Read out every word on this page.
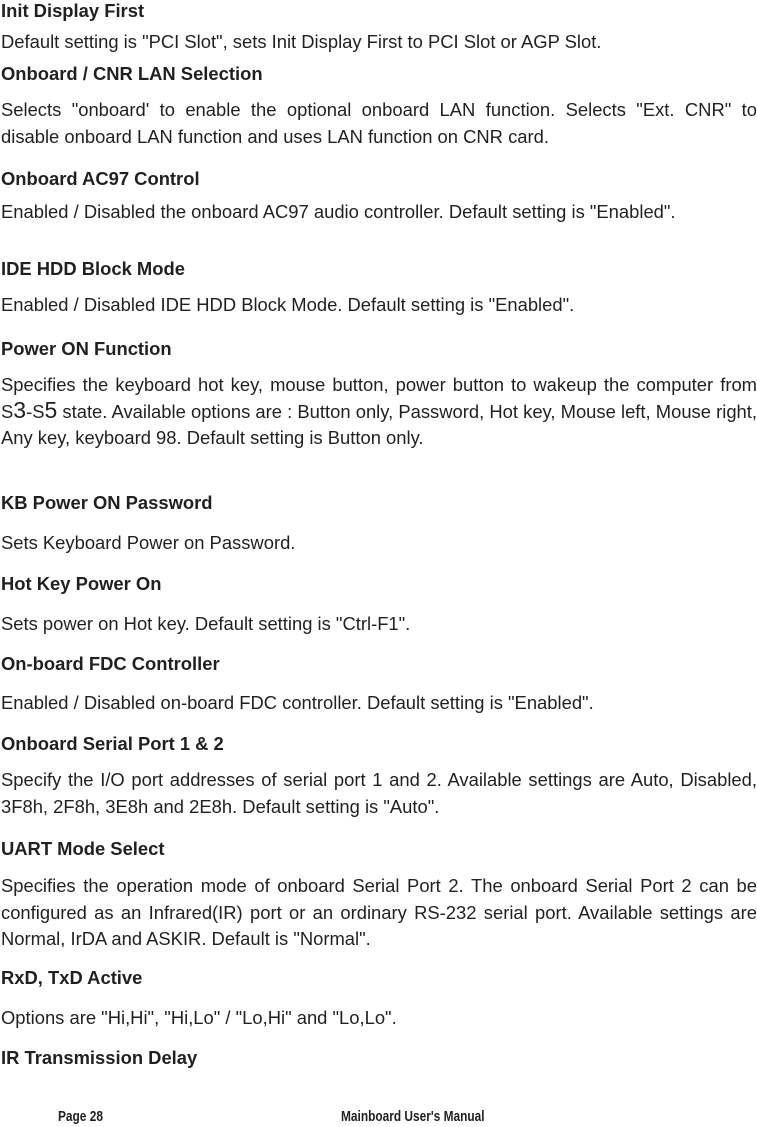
Init Display First
Default setting is "PCI Slot", sets Init Display First to PCI Slot or AGP Slot.
Onboard / CNR LAN Selection
Selects "onboard' to enable the optional onboard LAN function. Selects "Ext. CNR" to disable onboard LAN function and uses LAN function on CNR card.
Onboard AC97 Control
Enabled / Disabled the onboard AC97 audio controller. Default setting is "Enabled".
IDE HDD Block Mode
Enabled / Disabled IDE HDD Block Mode. Default setting is "Enabled".
Power ON Function
Specifies the keyboard hot key, mouse button, power button to wakeup the computer from S3-S5 state. Available options are : Button only, Password, Hot key, Mouse left, Mouse right, Any key, keyboard 98. Default setting is Button only.
KB Power ON Password
Sets Keyboard Power on Password.
Hot Key Power On
Sets power on Hot key. Default setting is "Ctrl-F1".
On-board FDC Controller
Enabled / Disabled on-board FDC controller. Default setting is "Enabled".
Onboard Serial Port 1 & 2
Specify the I/O port addresses of serial port 1 and 2. Available settings are Auto, Disabled, 3F8h, 2F8h, 3E8h and 2E8h. Default setting is "Auto".
UART Mode Select
Specifies the operation mode of onboard Serial Port 2. The onboard Serial Port 2 can be configured as an Infrared(IR) port or an ordinary RS-232 serial port. Available settings are Normal, IrDA and ASKIR. Default is "Normal".
RxD, TxD Active
Options are "Hi,Hi", "Hi,Lo" / "Lo,Hi" and "Lo,Lo".
IR Transmission Delay
Page 28	Mainboard User's Manual
